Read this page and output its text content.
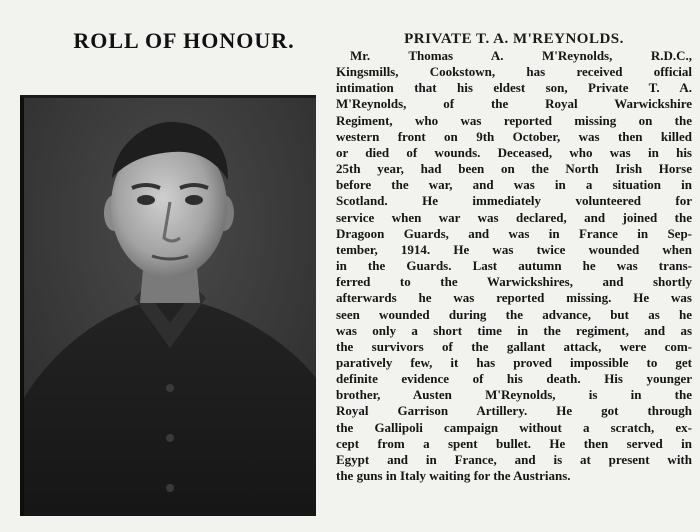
ROLL OF HONOUR.	PRIVATE T. A. M'REYNOLDS.
Mr. Thomas A. M'Reynolds, R.D.C.,
Kingsmills, Cookstown, has received official
intimation that his eldest son, Private T. A.
M'Reynolds, of the Royal Warwickshire
Regiment, who was reported missing on the
western front on 9th October, was then killed
or died of wounds. Deceased, who was in his
25th year, had been on the North Irish Horse
before the war, and was in a situation in
Scotland. He immediately volunteered for
service when war was declared, and joined the
Dragoon Guards, and was in France in Sep-
tember, 1914. He was twice wounded when
in the Guards. Last autumn he was trans-
ferred to the Warwickshires, and shortly
afterwards he was reported missing. He was
seen wounded during the advance, but as he
was only a short time in the regiment, and as
the survivors of the gallant attack, were com-
paratively few, it has proved impossible to get
definite evidence of his death. His younger
brother, Austen M'Reynolds, is in the
Royal Garrison Artillery. He got through
the Gallipoli campaign without a scratch, ex-
cept from a spent bullet. He then served in
Egypt and in France, and is at present with
the guns in Italy waiting for the Austrians.
